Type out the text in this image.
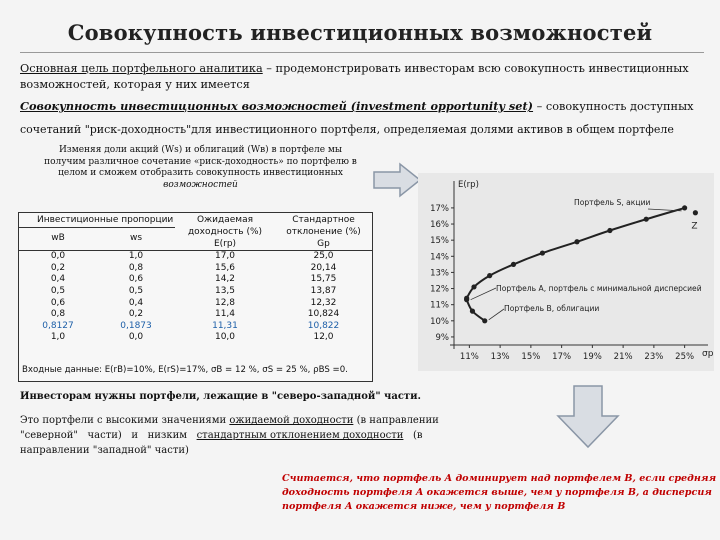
Совокупность инвестиционных возможностей
Основная цель портфельного аналитика – продемонстрировать инвесторам всю совокупность инвестиционных возможностей, которая у них имеется
Совокупность инвестиционных возможностей (investment opportunity set) – совокупность доступных
сочетаний "риск-доходность"для инвестиционного портфеля, определяемая долями активов в общем портфеле
Изменяя доли акций (Ws) и облигаций (Wв) в портфеле мы
получим различное сочетание «риск-доходность» по портфелю в
целом и сможем отобразить совокупность инвестиционных
возможностей
Инвестиционные пропорции		Ожидаемая	Стандартное
wB	ws	доходность (%)	отклонение (%)
		E(rp)	Gp
0,0	1,0	17,0	25,0
0,2	0,8	15,6	20,14
0,4	0,6	14,2	15,75
0,5	0,5	13,5	13,87
0,6	0,4	12,8	12,32
0,8	0,2	11,4	10,824
0,8127	0,1873	11,31	10,822
1,0	0,0	10,0	12,0
Входные данные: E(rB)=10%, E(rS)=17%, σB = 12 %, σS = 25 %, ρBS =0.
17%
16%
15%
14%
13%
12%
11%
10%
9%
11% 13% 15% 17% 19% 21% 23% 25%
E(rp)
σp
Z
Портфель S, акции
Портфель А, портфель с минимальной дисперсией
Портфель В, облигации
Инвесторам нужны портфели, лежащие в "северо-западной" части.
Это портфели с высокими значениями ожидаемой доходности (в направлении
"северной"   части)   и   низким   стандартным отклонением доходности   (в
направлении "западной" части)
Считается, что портфель A доминирует над портфелем B, если средняя
доходность портфеля A окажется выше, чем у портфеля B, а дисперсия
портфеля A окажется ниже, чем у портфеля B
